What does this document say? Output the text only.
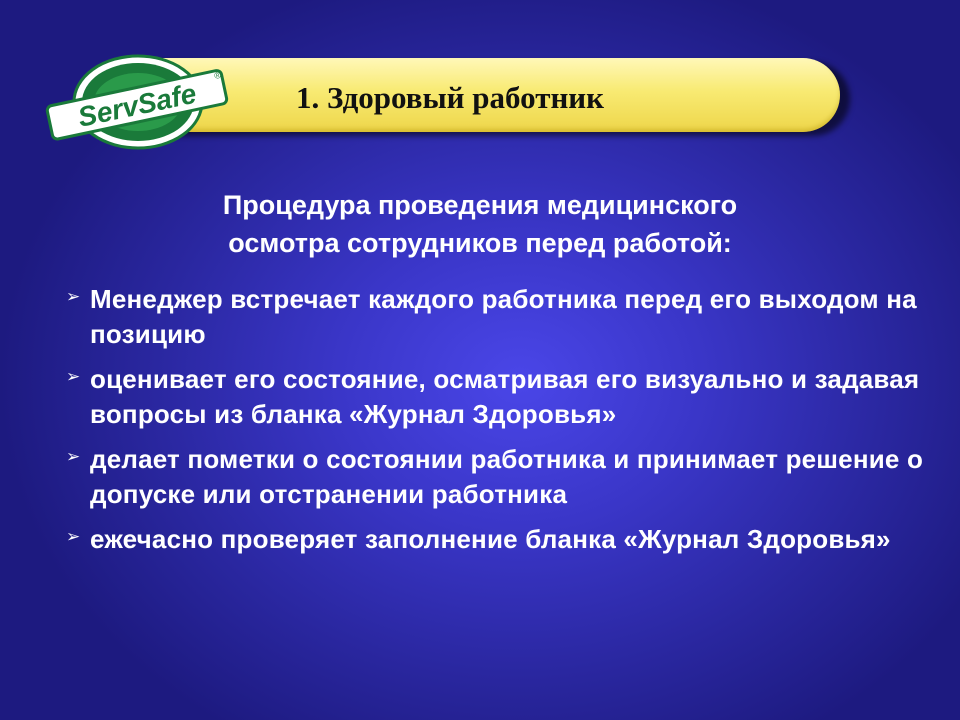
1. Здоровый работник
ServSafe
®
Процедура проведения медицинского
осмотра сотрудников перед работой:
➢ Менеджер встречает каждого работника перед его выходом на позицию
➢ оценивает его состояние, осматривая его визуально и задавая вопросы из бланка «Журнал Здоровья»
➢ делает пометки о состоянии работника и принимает решение о допуске или отстранении работника
➢ ежечасно проверяет заполнение бланка «Журнал Здоровья»
